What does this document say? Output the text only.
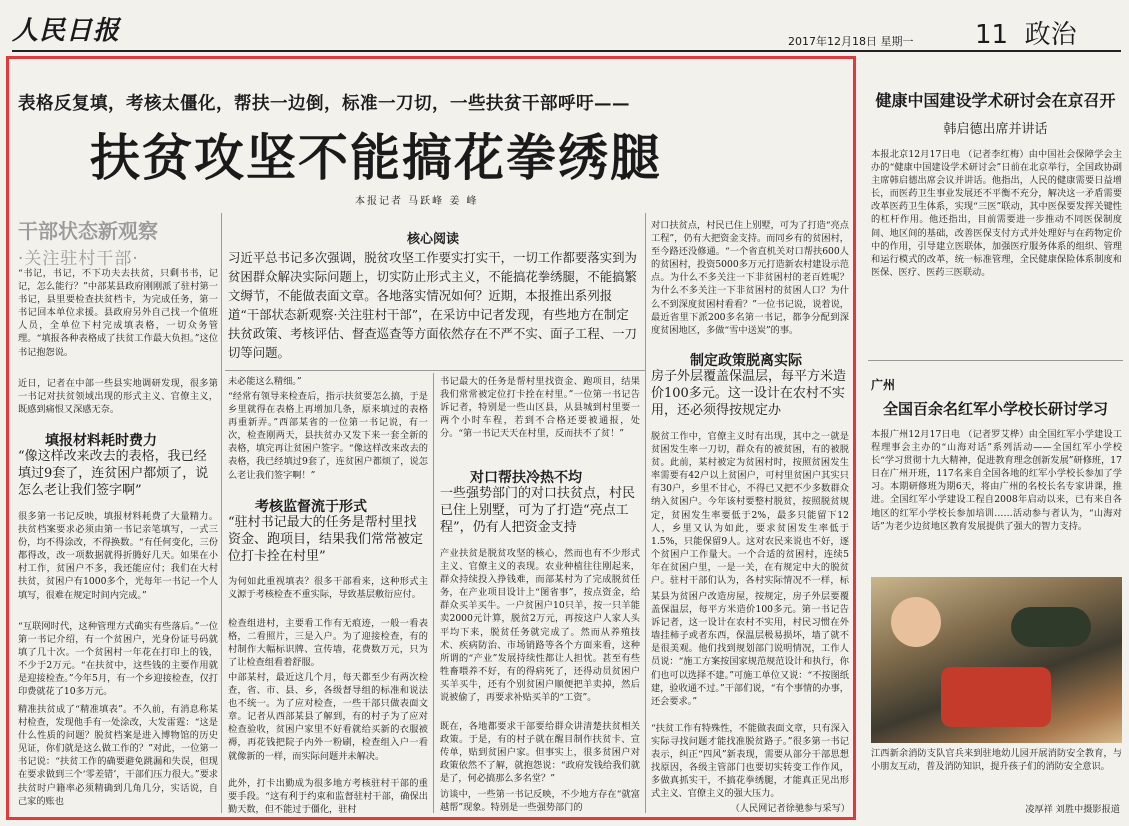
人民日报	2017年12月18日 星期一 11 政治
表格反复填，考核太僵化，帮扶一边倒，标准一刀切，一些扶贫干部呼吁——
扶贫攻坚不能搞花拳绣腿
本报记者 马跃峰 姜 峰
干部状态新观察
·关注驻村干部·
“书记，书记，不下功夫去扶贫，只剩书书，记记，怎么能行？”中部某县政府刚刚派了驻村第一书记，县里要检查扶贫档卡，为完成任务，第一书记回本单位求援。县政府另外自己找一个值班人员，全单位下村完成填表格，一切众务管理。“填报各种表格成了扶贫工作最大负担。”这位书记抱怨说。
近日，记者在中部一些县实地调研发现，很多第一书记对扶贫领域出现的形式主义、官僚主义，既感到痛恨又深感无奈。
填报材料耗时费力
“像这样改来改去的表格，我已经填过9套了，连贫困户都烦了，说怎么老让我们签字啊”
很多第一书记反映，填报材料耗费了大量精力。扶贫档案要求必须由第一书记亲笔填写，一式三份，均不得涂改，不得换数。“有任何变化，三份都得改，改一项数据就得折腾好几天。如果在小村工作，贫困户不多，我还能应付；我们在大村扶贫，贫困户有1000多个，光每年一书记一个人填写，很难在规定时间内完成。”
“互联网时代，这种管理方式确实有些落后。”一位第一书记介绍，有一个贫困户，光身份证号码就填了几十次。一个贫困村一年花在打印上的钱，不少于2万元。“在扶贫中，这些钱的主要作用就是迎接检查。”今年5月，有一个乡迎接检查，仅打印费就花了10多万元。
精准扶贫成了“精准填表”。不久前，有消息称某村检查，发现他手有一处涂改，大发雷霆：“这是什么性质的问题？脱贫档案是进入博物馆的历史见证，你们就是这么做工作的？”对此，一位第一书记说：“扶贫工作的确要避免跳漏和失误，但现在要求做到三个‘零差错’，干部们压力很大。”要求扶贫时户籍率必须精确到几角几分，实话说，自己家的账也
核心阅读
习近平总书记多次强调，脱贫攻坚工作要实打实干，一切工作都要落实到为贫困群众解决实际问题上，切实防止形式主义，不能搞花拳绣腿，不能搞繁文缛节，不能做表面文章。各地落实情况如何？近期，本报推出系列报道“干部状态新观察·关注驻村干部”，在采访中记者发现，有些地方在制定扶贫政策、考核评估、督查巡查等方面依然存在不严不实、面子工程、一刀切等问题。
未必能这么精细。”
“经常有领导来检查后，指示扶贫要怎么搞，于是乡里就得在表格上再增加几条，原来填过的表格再重新弄。”西部某省的一位第一书记说，有一次，检查刚两天，县扶贫办又发下来一套全新的表格，填完再让贫困户签字。“像这样改来改去的表格，我已经填过9套了，连贫困户都烦了，说怎么老让我们签字啊！”
考核监督流于形式
“驻村书记最大的任务是帮村里找资金、跑项目，结果我们常常被定位打卡拴在村里”
为何如此重视填表？很多干部看来，这种形式主义源于考核检查不重实际，导致基层敷衍应付。
检查组进村，主要看工作有无痕迹，一般一看表格，二看照片，三是入户。为了迎接检查，有的村制作大幅标识牌、宣传墙，花费数万元，只为了让检查组看着舒服。
中部某村，最近这几个月，每天都至少有两次检查，省、市、县、乡，各级督导组的标准和说法也不统一。为了应对检查，一些干部只做表面文章。记者从西部某县了解到，有的村子为了应对检查验收，贫困户家里不好看就给买新的衣服被褥，再花钱把院子内外一粉刷，检查组入户一看就像新的一样，而实际问题并未解决。
此外，打卡出勤成为很多地方考核驻村干部的重要手段。“这有利于约束和监督驻村干部，确保出勤天数，但不能过于僵化，驻村
书记最大的任务是帮村里找资金、跑项目，结果我们常常被定位打卡拴在村里。”一位第一书记告诉记者，特别是一些山区县，从县城到村里要一两个小时车程，若到不合格还要被通报，处分。“第一书记天天在村里，反而扶不了贫！”
对口帮扶冷热不均
一些强势部门的对口扶贫点，村民已住上别墅，可为了打造“亮点工程”，仍有人把资金支持
产业扶贫是脱贫攻坚的核心，然而也有不少形式主义、官僚主义的表现。农业种植往往刚起来，群众持续投入挣钱难，而部某村为了完成脱贫任务，在产业项目设计上“图省事”，按点资金，给群众买羊买牛。一户贫困户10只羊，按一只羊能卖2000元计算，脱贫2万元，再按这户人家人头平均下来，脱贫任务就完成了。然而从养殖技术、疾病防治、市场销路等各个方面来看，这种所谓的“产业”发展持续性都让人担忧。甚至有些牲畜喂养不好，有的得病死了，还得动员贫困户买羊买牛，还有个别贫困户顺便把羊卖掉，然后说被偷了，再要求补贴买羊的“工资”。
既在，各地都要求干部要给群众讲清楚扶贫相关政策。于是，有的村子就在醒目制作扶贫卡、宣传单，贴到贫困户家。但事实上，很多贫困户对政策依然不了解，就抱怨说：“政府发钱给我们就是了，何必搞那么多名堂？”
访谈中，一些第一书记反映，不少地方存在“就富越帮”现象。特别是一些强势部门的
对口扶贫点，村民已住上别墅，可为了打造“亮点工程”，仍有大把资金支持。而同乡有的贫困村，至今路还没修通。“一个省直机关对口帮扶600人的贫困村，投资5000多万元打造新农村建设示范点。为什么不多关注一下非贫困村的老百姓呢？为什么不多关注一下非贫困村的贫困人口？为什么不到深度贫困村看看？”一位书记说，说着说，最近省里下派200多名第一书记，都争分配到深度贫困地区，多做“雪中送炭”的事。
制定政策脱离实际
房子外层覆盖保温层，每平方米造价100多元。这一设计在农村不实用，还必须得按规定办
脱贫工作中，官僚主义时有出现，其中之一就是贫困发生率一刀切，群众有的被贫困，有的被脱贫。此前，某村被定为贫困村时，按照贫困发生率需要有42户以上贫困户，可村里贫困户其实只有30户，乡里不甘心，不得已又把不少多数群众纳入贫困户。今年该村要整村脱贫，按照脱贫规定，贫困发生率要低于2%，最多只能留下12人，乡里又认为如此，要求贫困发生率低于1.5%，只能保留9人。这对农民来说也不好，逐个贫困户工作量大。一个合适的贫困村，连续5年在贫困户里，一是一关，在有规定中大的脱贫户。驻村干部们认为，各村实际情况不一样，标
某县为贫困户改造房屋，按规定，房子外层要覆盖保温层，每平方米造价100多元。第一书记告诉记者，这一设计在农村不实用，村民习惯在外墙挂柿子或者东西，保温层极易损坏，墙了就不是很美观。他们找到规划部门说明情况，工作人员说：“施工方案按国家规范规范设计和执行，你们也可以选择不建。”可施工单位又说：“不按图纸建，验收通不过。”干部们说，“有个事情的办事，还会要求。”
“扶贫工作有特殊性，不能做表面文章，只有深入实际寻找问题才能找准脱贫路子。”很多第一书记表示，纠正“四风”新表现，需要从部分干部思想找原因，各级主管部门也要切实转变工作作风，多做真抓实干，不搞花拳绣腿，才能真正见出形式主义、官僚主义的强大压力。
（人民网记者徐驰参与采写）
健康中国建设学术研讨会在京召开
韩启德出席并讲话
本报北京12月17日电 （记者李红梅）由中国社会保障学会主办的“健康中国建设学术研讨会”日前在北京举行，全国政协副主席韩启德出席会议并讲话。他指出，人民的健康需要日益增长，而医药卫生事业发展还不平衡不充分，解决这一矛盾需要改革医药卫生体系，实现“三医”联动，其中医保要发挥关键性的杠杆作用。他还指出，目前需要进一步推动不同医保制度间、地区间的基础，改善医保支付方式并处理好与在药物定价中的作用，引导建立医联体，加强医疗服务体系的组织、管理和运行模式的改革，统一标准管理，全民健康保险体系制度和医保、医疗、医药三医联动。
广州
全国百余名红军小学校长研讨学习
本报广州12月17日电 （记者罗艾桦）由全国红军小学建设工程理事会主办的“山海对话”系列活动——全国红军小学校长“学习贯彻十九大精神，促进教育理念创新发展”研修班，17日在广州开班，117名来自全国各地的红军小学校长参加了学习。本期研修班为期6天，将由广州的名校长名专家讲课，推进。全国红军小学建设工程自2008年启动以来，已有来自各地区的红军小学校长参加培训……活动参与者认为，“山海对话”为老少边贫地区教育发展提供了强大的智力支持。
江西新余消防支队官兵来到驻地幼儿园开展消防安全教育，与小朋友互动，普及消防知识，提升孩子们的消防安全意识。
凌厚祥 刘胜中摄影报道
